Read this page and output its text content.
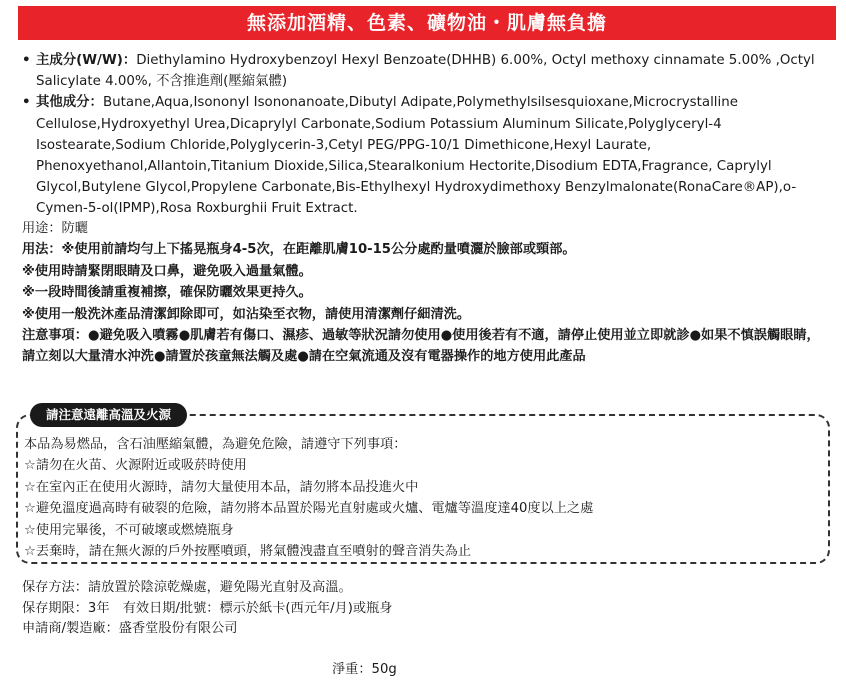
無添加酒精、色素、礦物油・肌膚無負擔
• 主成分(W/W)：Diethylamino Hydroxybenzoyl Hexyl Benzoate(DHHB) 6.00%, Octyl methoxy cinnamate 5.00% ,Octyl Salicylate 4.00%, 不含推進劑(壓縮氣體)
• 其他成分：Butane,Aqua,Isononyl Isononanoate,Dibutyl Adipate,Polymethylsilsesquioxane,Microcrystalline Cellulose,Hydroxyethyl Urea,Dicaprylyl Carbonate,Sodium Potassium Aluminum Silicate,Polyglyceryl-4 Isostearate,Sodium Chloride,Polyglycerin-3,Cetyl PEG/PPG-10/1 Dimethicone,Hexyl Laurate, Phenoxyethanol,Allantoin,Titanium Dioxide,Silica,Stearalkonium Hectorite,Disodium EDTA,Fragrance, Caprylyl Glycol,Butylene Glycol,Propylene Carbonate,Bis-Ethylhexyl Hydroxydimethoxy Benzylmalonate(RonaCare®AP),o-Cymen-5-ol(IPMP),Rosa Roxburghii Fruit Extract.

用途：防曬

用法：※使用前請均勻上下搖晃瓶身4-5次，在距離肌膚10-15公分處酌量噴灑於臉部或頸部。

※使用時請緊閉眼睛及口鼻，避免吸入過量氣體。

※一段時間後請重複補擦，確保防曬效果更持久。

※使用一般洗沐產品清潔卸除即可，如沾染至衣物，請使用清潔劑仔細清洗。

注意事項：●避免吸入噴霧●肌膚若有傷口、濕疹、過敏等狀況請勿使用●使用後若有不適，請停止使用並立即就診●如果不慎誤觸眼睛，請立刻以大量清水沖洗●請置於孩童無法觸及處●請在空氣流通及沒有電器操作的地方使用此產品

請注意遠離高溫及火源

本品為易燃品，含石油壓縮氣體，為避免危險，請遵守下列事項：

☆請勿在火苗、火源附近或吸菸時使用

☆在室內正在使用火源時，請勿大量使用本品，請勿將本品投進火中

☆避免溫度過高時有破裂的危險，請勿將本品置於陽光直射處或火爐、電爐等溫度達40度以上之處

☆使用完畢後，不可破壞或燃燒瓶身

☆丟棄時，請在無火源的戶外按壓噴頭，將氣體洩盡直至噴射的聲音消失為止

保存方法：請放置於陰涼乾燥處，避免陽光直射及高溫。

保存期限：3年　有效日期/批號：標示於紙卡(西元年/月)或瓶身

申請商/製造廠：盛香堂股份有限公司

淨重：50g
